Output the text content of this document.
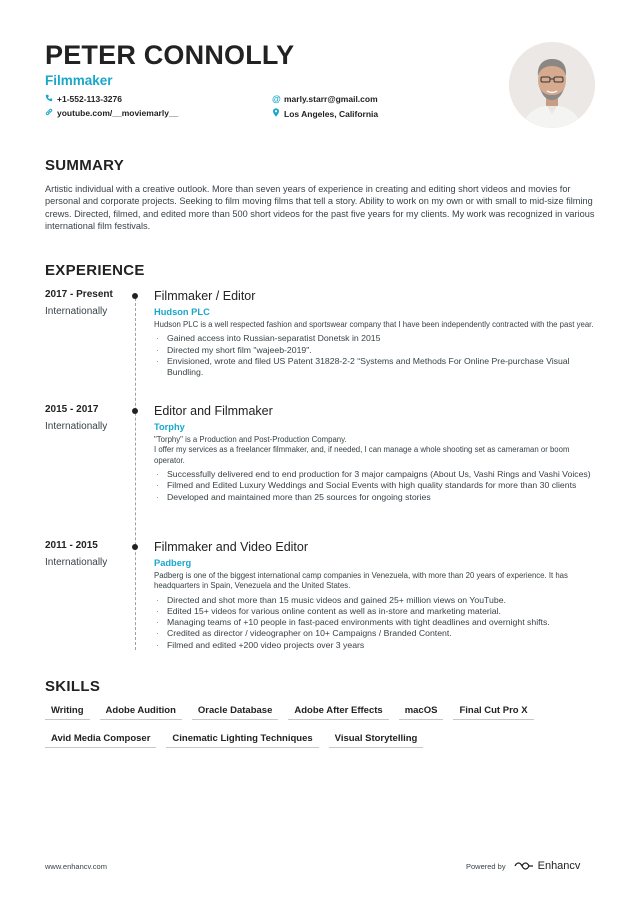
PETER CONNOLLY
Filmmaker
+1-552-113-3276	@ marly.starr@gmail.com
youtube.com/__moviemarly__	Los Angeles, California
SUMMARY
Artistic individual with a creative outlook. More than seven years of experience in creating and editing short videos and movies for personal and corporate projects. Seeking to film moving films that tell a story. Ability to work on my own or with small to mid-size filming crews. Directed, filmed, and edited more than 500 short videos for the past five years for my clients. My work was recognized in various international film festivals.
EXPERIENCE
2017 - Present
Internationally
Filmmaker / Editor
Hudson PLC
Hudson PLC is a well respected fashion and sportswear company that I have been independently contracted with the past year.
· Gained access into Russian-separatist Donetsk in 2015
· Directed my short film "wajeeb-2019".
· Envisioned, wrote and filed US Patent 31828-2-2 “Systems and Methods For Online Pre-purchase Visual Bundling.
2015 - 2017
Internationally
Editor and Filmmaker
Torphy
"Torphy" is a Production and Post-Production Company.
I offer my services as a freelancer filmmaker, and, if needed, I can manage a whole shooting set as cameraman or boom operator.
· Successfully delivered end to end production for 3 major campaigns (About Us, Vashi Rings and Vashi Voices)
· Filmed and Edited Luxury Weddings and Social Events with high quality standards for more than 30 clients
· Developed and maintained more than 25 sources for ongoing stories
2011 - 2015
Internationally
Filmmaker and Video Editor
Padberg
Padberg is one of the biggest international camp companies in Venezuela, with more than 20 years of experience. It has headquarters in Spain, Venezuela and the United States.
· Directed and shot more than 15 music videos and gained 25+ million views on YouTube.
· Edited 15+ videos for various online content as well as in-store and marketing material.
· Managing teams of +10 people in fast-paced environments with tight deadlines and overnight shifts.
· Credited as director / videographer on 10+ Campaigns / Branded Content.
· Filmed and edited +200 video projects over 3 years
SKILLS
Writing	Adobe Audition	Oracle Database	Adobe After Effects	macOS	Final Cut Pro X
Avid Media Composer	Cinematic Lighting Techniques	Visual Storytelling
www.enhancv.com	Powered by	Enhancv
